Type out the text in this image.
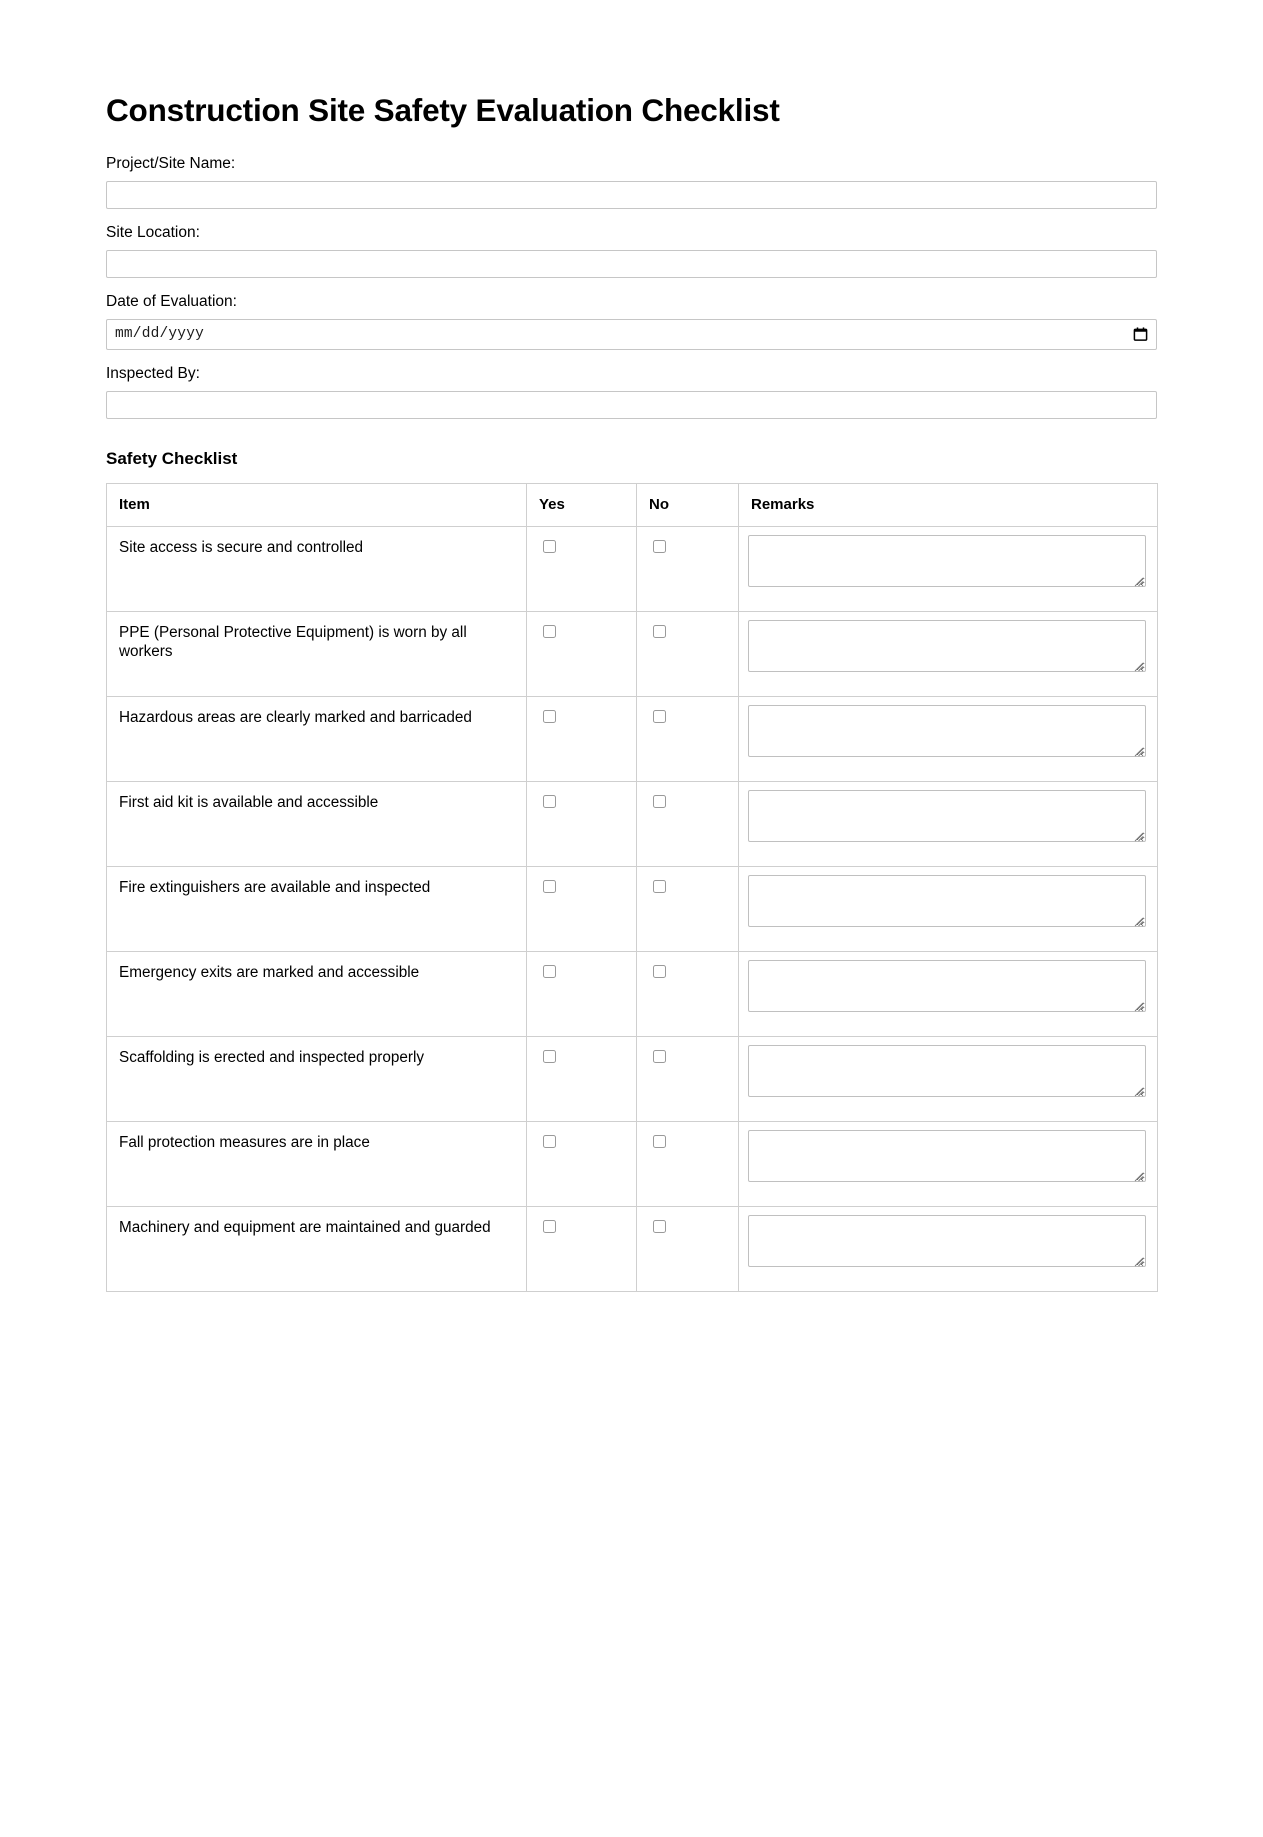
Construction Site Safety Evaluation Checklist
Project/Site Name:
Site Location:
Date of Evaluation:
mm/dd/yyyy
Inspected By:
Safety Checklist
Item	Yes	No	Remarks
Site access is secure and controlled			

PPE (Personal Protective Equipment) is worn by all workers			

Hazardous areas are clearly marked and barricaded			

First aid kit is available and accessible			

Fire extinguishers are available and inspected			

Emergency exits are marked and accessible			

Scaffolding is erected and inspected properly			

Fall protection measures are in place			

Machinery and equipment are maintained and guarded			
